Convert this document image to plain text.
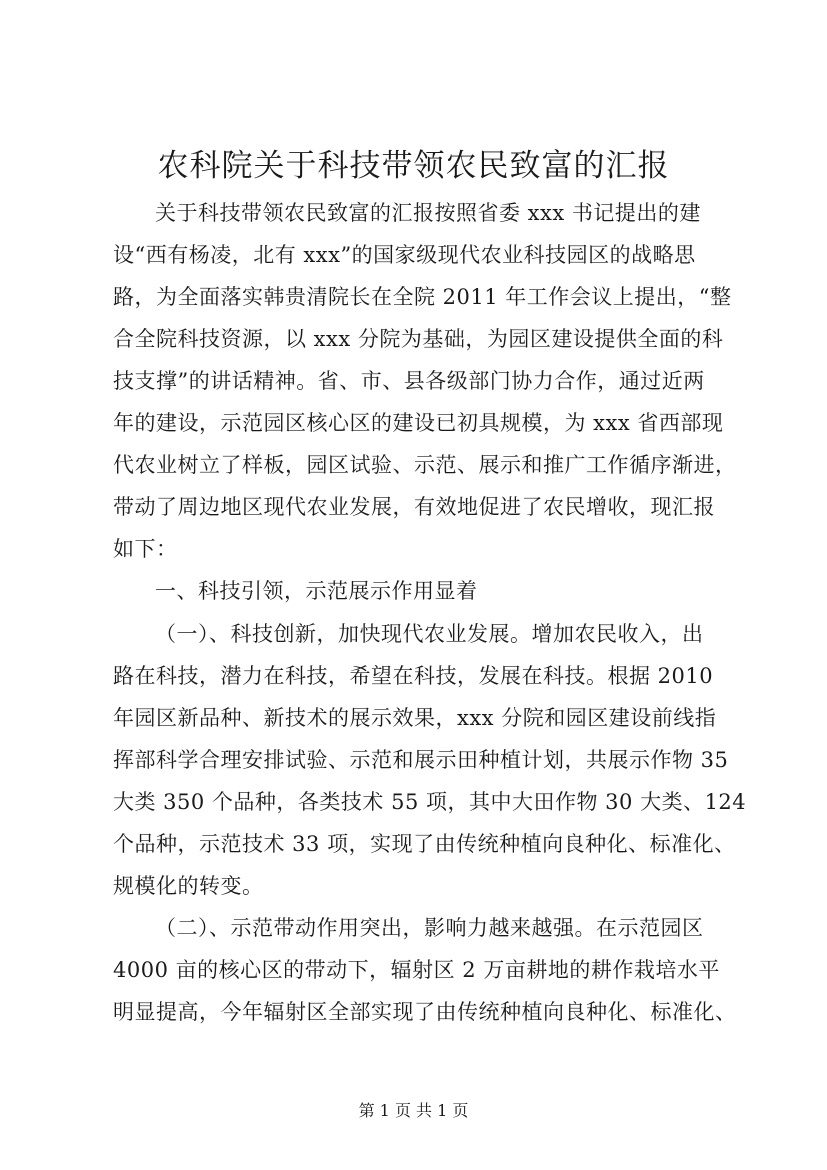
农科院关于科技带领农民致富的汇报
关于科技带领农民致富的汇报按照省委 xxx 书记提出的建
设“西有杨凌，北有 xxx”的国家级现代农业科技园区的战略思
路，为全面落实韩贵清院长在全院 2011 年工作会议上提出，“整
合全院科技资源，以 xxx 分院为基础，为园区建设提供全面的科
技支撑”的讲话精神。省、市、县各级部门协力合作，通过近两
年的建设，示范园区核心区的建设已初具规模，为 xxx 省西部现
代农业树立了样板，园区试验、示范、展示和推广工作循序渐进，
带动了周边地区现代农业发展，有效地促进了农民增收，现汇报
如下：
一、科技引领，示范展示作用显着
（一）、科技创新，加快现代农业发展。增加农民收入，出
路在科技，潜力在科技，希望在科技，发展在科技。根据 2010
年园区新品种、新技术的展示效果，xxx 分院和园区建设前线指
挥部科学合理安排试验、示范和展示田种植计划，共展示作物 35
大类 350 个品种，各类技术 55 项，其中大田作物 30 大类、124
个品种，示范技术 33 项，实现了由传统种植向良种化、标准化、
规模化的转变。
（二）、示范带动作用突出，影响力越来越强。在示范园区
4000 亩的核心区的带动下，辐射区 2 万亩耕地的耕作栽培水平
明显提高，今年辐射区全部实现了由传统种植向良种化、标准化、
第 1 页 共 1 页
